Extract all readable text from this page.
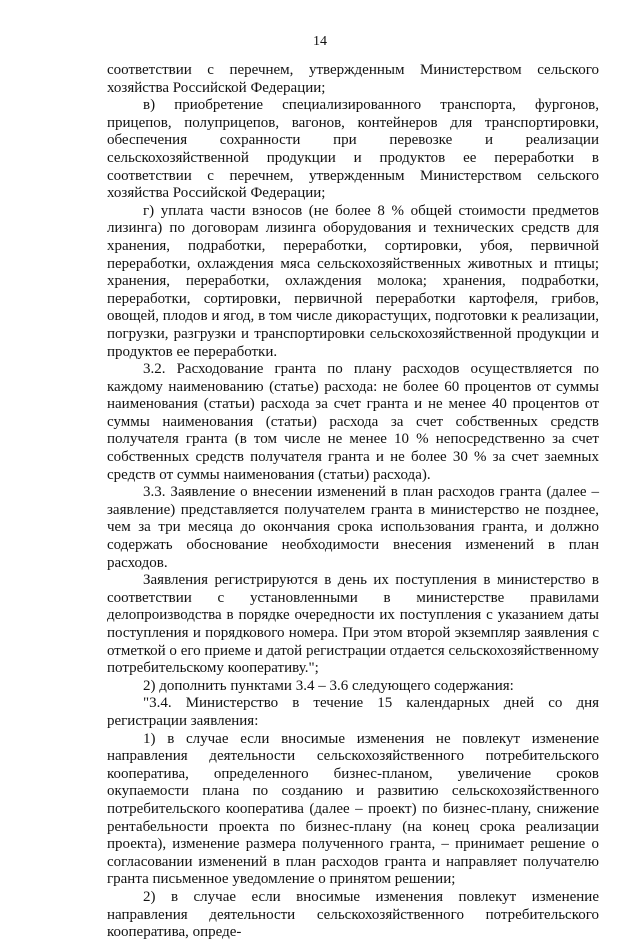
14

соответствии с перечнем, утвержденным Министерством сельского хозяйства Российской Федерации;

в) приобретение специализированного транспорта, фургонов, прицепов, полуприцепов, вагонов, контейнеров для транспортировки, обеспечения сохранности при перевозке и реализации сельскохозяйственной продукции и продуктов ее переработки в соответствии с перечнем, утвержденным Министерством сельского хозяйства Российской Федерации;

г) уплата части взносов (не более 8 % общей стоимости предметов лизинга) по договорам лизинга оборудования и технических средств для хранения, подработки, переработки, сортировки, убоя, первичной переработки, охлаждения мяса сельскохозяйственных животных и птицы; хранения, переработки, охлаждения молока; хранения, подработки, переработки, сортировки, первичной переработки картофеля, грибов, овощей, плодов и ягод, в том числе дикорастущих, подготовки к реализации, погрузки, разгрузки и транспортировки сельскохозяйственной продукции и продуктов ее переработки.

3.2. Расходование гранта по плану расходов осуществляется по каждому наименованию (статье) расхода: не более 60 процентов от суммы наименования (статьи) расхода за счет гранта и не менее 40 процентов от суммы наименования (статьи) расхода за счет собственных средств получателя гранта (в том числе не менее 10 % непосредственно за счет собственных средств получателя гранта и не более 30 % за счет заемных средств от суммы наименования (статьи) расхода).

3.3. Заявление о внесении изменений в план расходов гранта (далее – заявление) представляется получателем гранта в министерство не позднее, чем за три месяца до окончания срока использования гранта, и должно содержать обоснование необходимости внесения изменений в план расходов.

Заявления регистрируются в день их поступления в министерство в соответствии с установленными в министерстве правилами делопроизводства в порядке очередности их поступления с указанием даты поступления и порядкового номера. При этом второй экземпляр заявления с отметкой о его приеме и датой регистрации отдается сельскохозяйственному потребительскому кооперативу.";

2) дополнить пунктами 3.4 – 3.6 следующего содержания:

"3.4. Министерство в течение 15 календарных дней со дня регистрации заявления:

1) в случае если вносимые изменения не повлекут изменение направления деятельности сельскохозяйственного потребительского кооператива, определенного бизнес-планом, увеличение сроков окупаемости плана по созданию и развитию сельскохозяйственного потребительского кооператива (далее – проект) по бизнес-плану, снижение рентабельности проекта по бизнес-плану (на конец срока реализации проекта), изменение размера полученного гранта, – принимает решение о согласовании изменений в план расходов гранта и направляет получателю гранта письменное уведомление о принятом решении;

2) в случае если вносимые изменения повлекут изменение направления деятельности сельскохозяйственного потребительского кооператива, опреде-
